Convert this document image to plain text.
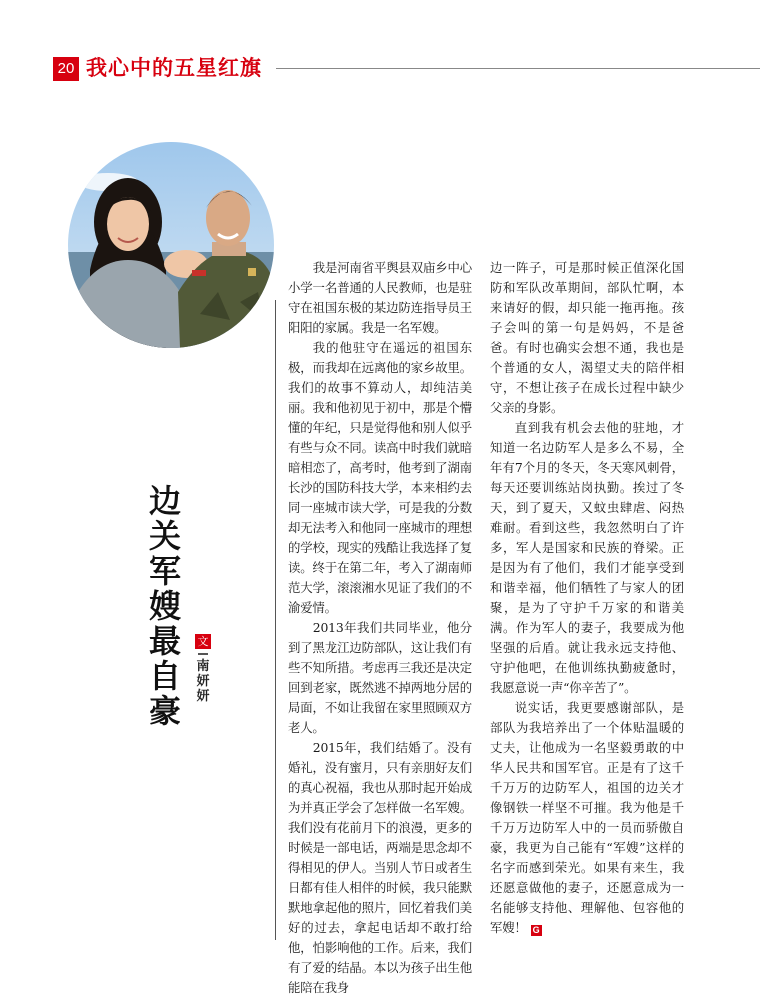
20 我心中的五星红旗
边关军嫂最自豪
文
南妍妍

我是河南省平舆县双庙乡中心小学一名普通的人民教师，也是驻守在祖国东极的某边防连指导员王阳阳的家属。我是一名军嫂。

我的他驻守在遥远的祖国东极，而我却在远离他的家乡故里。我们的故事不算动人，却纯洁美丽。我和他初见于初中，那是个懵懂的年纪，只是觉得他和别人似乎有些与众不同。读高中时我们就暗暗相恋了，高考时，他考到了湖南长沙的国防科技大学，本来相约去同一座城市读大学，可是我的分数却无法考入和他同一座城市的理想的学校，现实的残酷让我选择了复读。终于在第二年，考入了湖南师范大学，滚滚湘水见证了我们的不渝爱情。

2013年我们共同毕业，他分到了黑龙江边防部队，这让我们有些不知所措。考虑再三我还是决定回到老家，既然逃不掉两地分居的局面，不如让我留在家里照顾双方老人。

2015年，我们结婚了。没有婚礼，没有蜜月，只有亲朋好友们的真心祝福，我也从那时起开始成为并真正学会了怎样做一名军嫂。我们没有花前月下的浪漫，更多的时候是一部电话，两端是思念却不得相见的伊人。当别人节日或者生日都有佳人相伴的时候，我只能默默地拿起他的照片，回忆着我们美好的过去，拿起电话却不敢打给他，怕影响他的工作。后来，我们有了爱的结晶。本以为孩子出生他能陪在我身

边一阵子，可是那时候正值深化国防和军队改革期间，部队忙啊，本来请好的假，却只能一拖再拖。孩子会叫的第一句是妈妈，不是爸爸。有时也确实会想不通，我也是个普通的女人，渴望丈夫的陪伴相守，不想让孩子在成长过程中缺少父亲的身影。

直到我有机会去他的驻地，才知道一名边防军人是多么不易，全年有7个月的冬天，冬天寒风刺骨，每天还要训练站岗执勤。挨过了冬天，到了夏天，又蚊虫肆虐、闷热难耐。看到这些，我忽然明白了许多，军人是国家和民族的脊梁。正是因为有了他们，我们才能享受到和谐幸福，他们牺牲了与家人的团聚，是为了守护千万家的和谐美满。作为军人的妻子，我要成为他坚强的后盾。就让我永远支持他、守护他吧，在他训练执勤疲惫时，我愿意说一声“你辛苦了”。

说实话，我更要感谢部队，是部队为我培养出了一个体贴温暖的丈夫，让他成为一名坚毅勇敢的中华人民共和国军官。正是有了这千千万万的边防军人，祖国的边关才像钢铁一样坚不可摧。我为他是千千万万边防军人中的一员而骄傲自豪，我更为自己能有“军嫂”这样的名字而感到荣光。如果有来生，我还愿意做他的妻子，还愿意成为一名能够支持他、理解他、包容他的军嫂！ G
